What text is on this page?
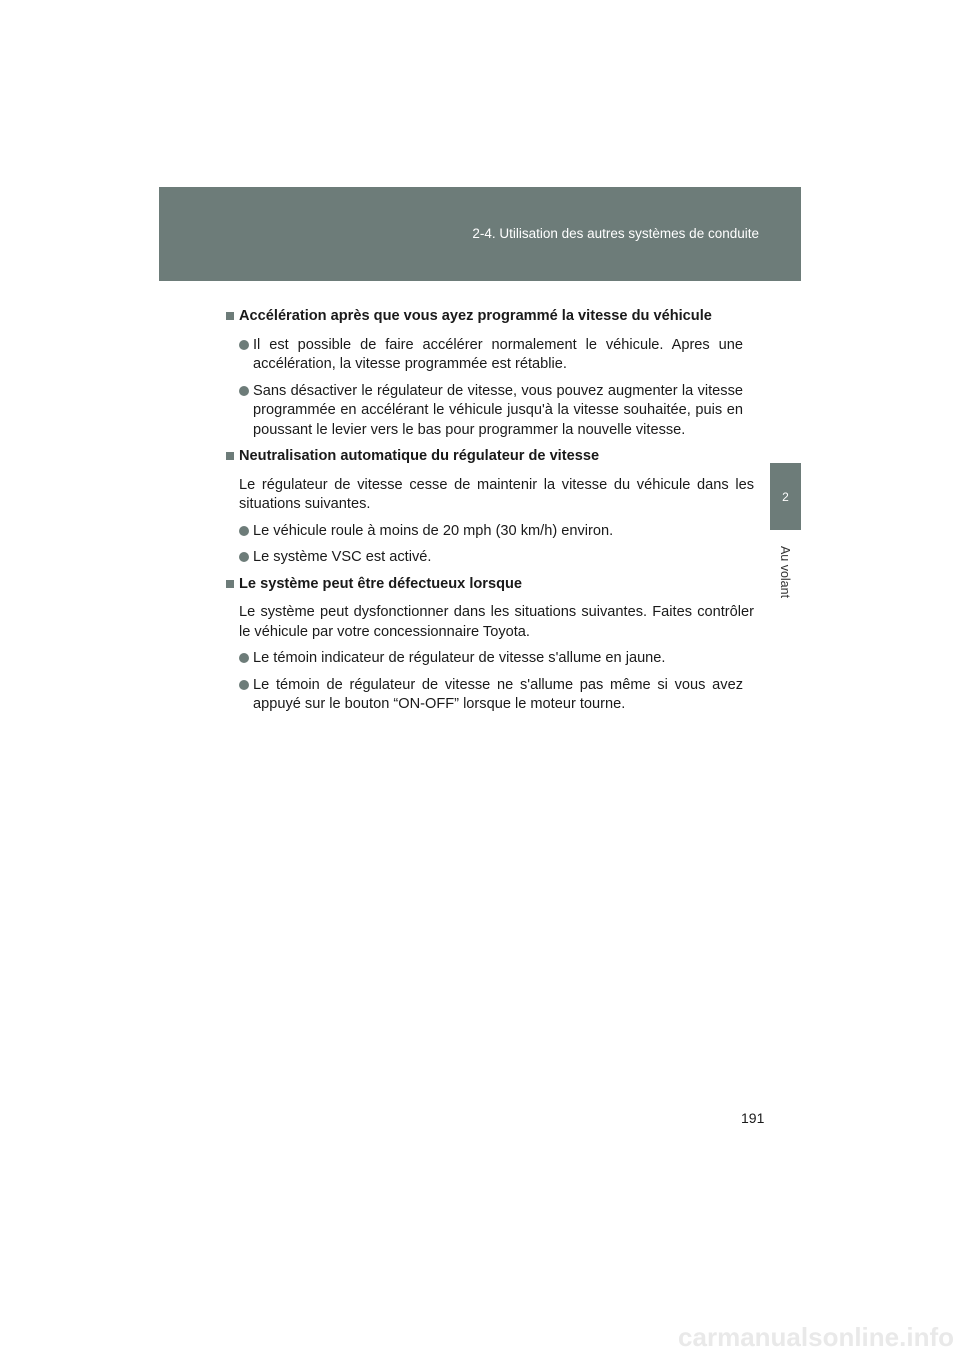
2-4. Utilisation des autres systèmes de conduite
2
Au volant
Accélération après que vous ayez programmé la vitesse du véhicule
Il est possible de faire accélérer normalement le véhicule. Apres une accélération, la vitesse programmée est rétablie.
Sans désactiver le régulateur de vitesse, vous pouvez augmenter la vitesse programmée en accélérant le véhicule jusqu'à la vitesse souhaitée, puis en poussant le levier vers le bas pour programmer la nouvelle vitesse.
Neutralisation automatique du régulateur de vitesse
Le régulateur de vitesse cesse de maintenir la vitesse du véhicule dans les situations suivantes.
Le véhicule roule à moins de 20 mph (30 km/h) environ.
Le système VSC est activé.
Le système peut être défectueux lorsque
Le système peut dysfonctionner dans les situations suivantes. Faites contrôler le véhicule par votre concessionnaire Toyota.
Le témoin indicateur de régulateur de vitesse s'allume en jaune.
Le témoin de régulateur de vitesse ne s'allume pas même si vous avez appuyé sur le bouton “ON-OFF” lorsque le moteur tourne.
191
carmanualsonline.info
